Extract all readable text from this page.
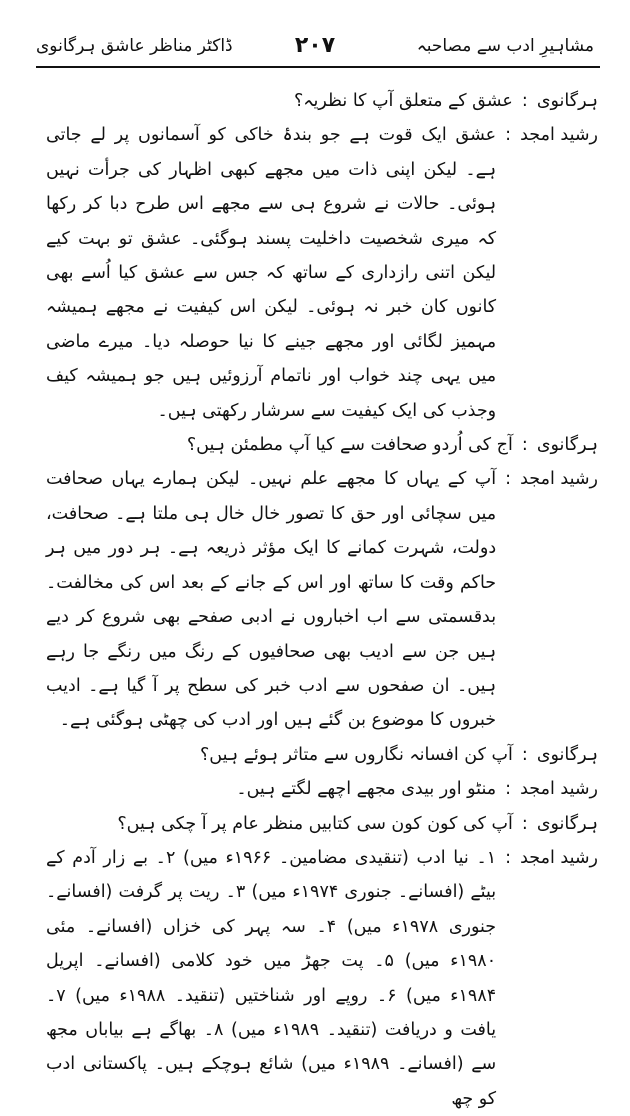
مشاہیرِ ادب سے مصاحبہ
۲۰۷
ڈاکٹر مناظر عاشق ہرگانوی
ہرگانوی
:
عشق کے متعلق آپ کا نظریہ؟
رشید امجد
:
عشق ایک قوت ہے جو بندۂ خاکی کو آسمانوں پر لے جاتی ہے۔ لیکن اپنی ذات میں مجھے کبھی اظہار کی جرأت نہیں ہوئی۔ حالات نے شروع ہی سے مجھے اس طرح دبا کر رکھا کہ میری شخصیت داخلیت پسند ہوگئی۔ عشق تو بہت کیے لیکن اتنی رازداری کے ساتھ کہ جس سے عشق کیا اُسے بھی کانوں کان خبر نہ ہوئی۔ لیکن اس کیفیت نے مجھے ہمیشہ مہمیز لگائی اور مجھے جینے کا نیا حوصلہ دیا۔ میرے ماضی میں یہی چند خواب اور ناتمام آرزوئیں ہیں جو ہمیشہ کیف وجذب کی ایک کیفیت سے سرشار رکھتی ہیں۔
ہرگانوی
:
آج کی اُردو صحافت سے کیا آپ مطمئن ہیں؟
رشید امجد
:
آپ کے یہاں کا مجھے علم نہیں۔ لیکن ہمارے یہاں صحافت میں سچائی اور حق کا تصور خال خال ہی ملتا ہے۔ صحافت، دولت، شہرت کمانے کا ایک مؤثر ذریعہ ہے۔ ہر دور میں ہر حاکم وقت کا ساتھ اور اس کے جانے کے بعد اس کی مخالفت۔ بدقسمتی سے اب اخباروں نے ادبی صفحے بھی شروع کر دیے ہیں جن سے ادیب بھی صحافیوں کے رنگ میں رنگے جا رہے ہیں۔ ان صفحوں سے ادب خبر کی سطح پر آ گیا ہے۔ ادیب خبروں کا موضوع بن گئے ہیں اور ادب کی چھٹی ہوگئی ہے۔
ہرگانوی
:
آپ کن افسانہ نگاروں سے متاثر ہوئے ہیں؟
رشید امجد
:
منٹو اور بیدی مجھے اچھے لگتے ہیں۔
ہرگانوی
:
آپ کی کون کون سی کتابیں منظر عام پر آ چکی ہیں؟
رشید امجد
:
۱۔ نیا ادب (تنقیدی مضامین۔ ۱۹۶۶ء میں) ۲۔ بے زار آدم کے بیٹے (افسانے۔ جنوری ۱۹۷۴ء میں) ۳۔ ریت پر گرفت (افسانے۔ جنوری ۱۹۷۸ء میں) ۴۔ سہ پہر کی خزاں (افسانے۔ مئی ۱۹۸۰ء میں) ۵۔ پت جھڑ میں خود کلامی (افسانے۔ اپریل ۱۹۸۴ء میں) ۶۔ روپے اور شناختیں (تنقید۔ ۱۹۸۸ء میں) ۷۔ یافت و دریافت (تنقید۔ ۱۹۸۹ء میں) ۸۔ بھاگے ہے بیاباں مجھ سے (افسانے۔ ۱۹۸۹ء میں) شائع ہوچکے ہیں۔ پاکستانی ادب کو چھ
